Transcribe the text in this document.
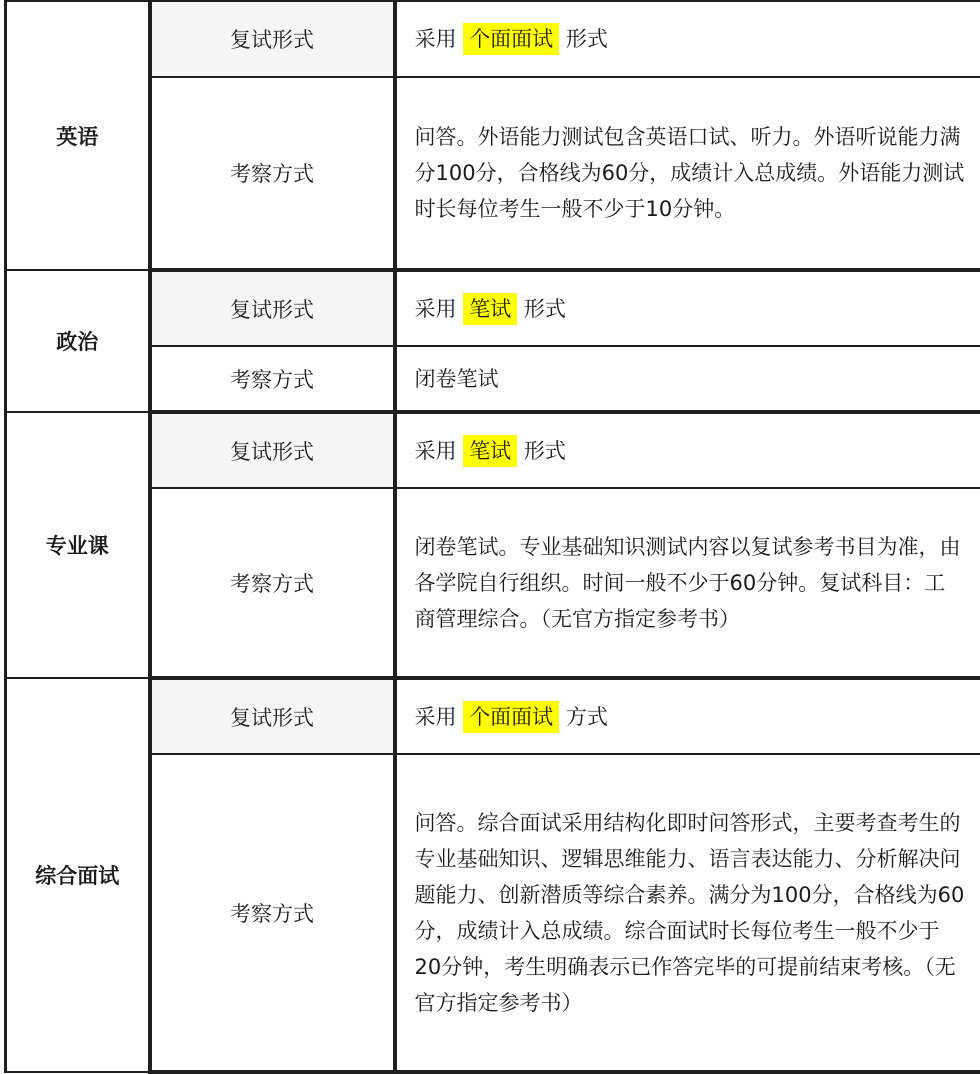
英语	复试形式	采用 个面面试 形式
	考察方式	问答。外语能力测试包含英语口试、听力。外语听说能力满分100分，合格线为60分，成绩计入总成绩。外语能力测试时长每位考生一般不少于10分钟。
政治	复试形式	采用 笔试 形式
	考察方式	闭卷笔试
专业课	复试形式	采用 笔试 形式
	考察方式	闭卷笔试。专业基础知识测试内容以复试参考书目为准，由各学院自行组织。时间一般不少于60分钟。复试科目：工商管理综合。（无官方指定参考书）
综合面试	复试形式	采用 个面面试 方式
	考察方式	问答。综合面试采用结构化即时问答形式，主要考查考生的专业基础知识、逻辑思维能力、语言表达能力、分析解决问题能力、创新潜质等综合素养。满分为100分，合格线为60分，成绩计入总成绩。综合面试时长每位考生一般不少于20分钟，考生明确表示已作答完毕的可提前结束考核。（无官方指定参考书）
